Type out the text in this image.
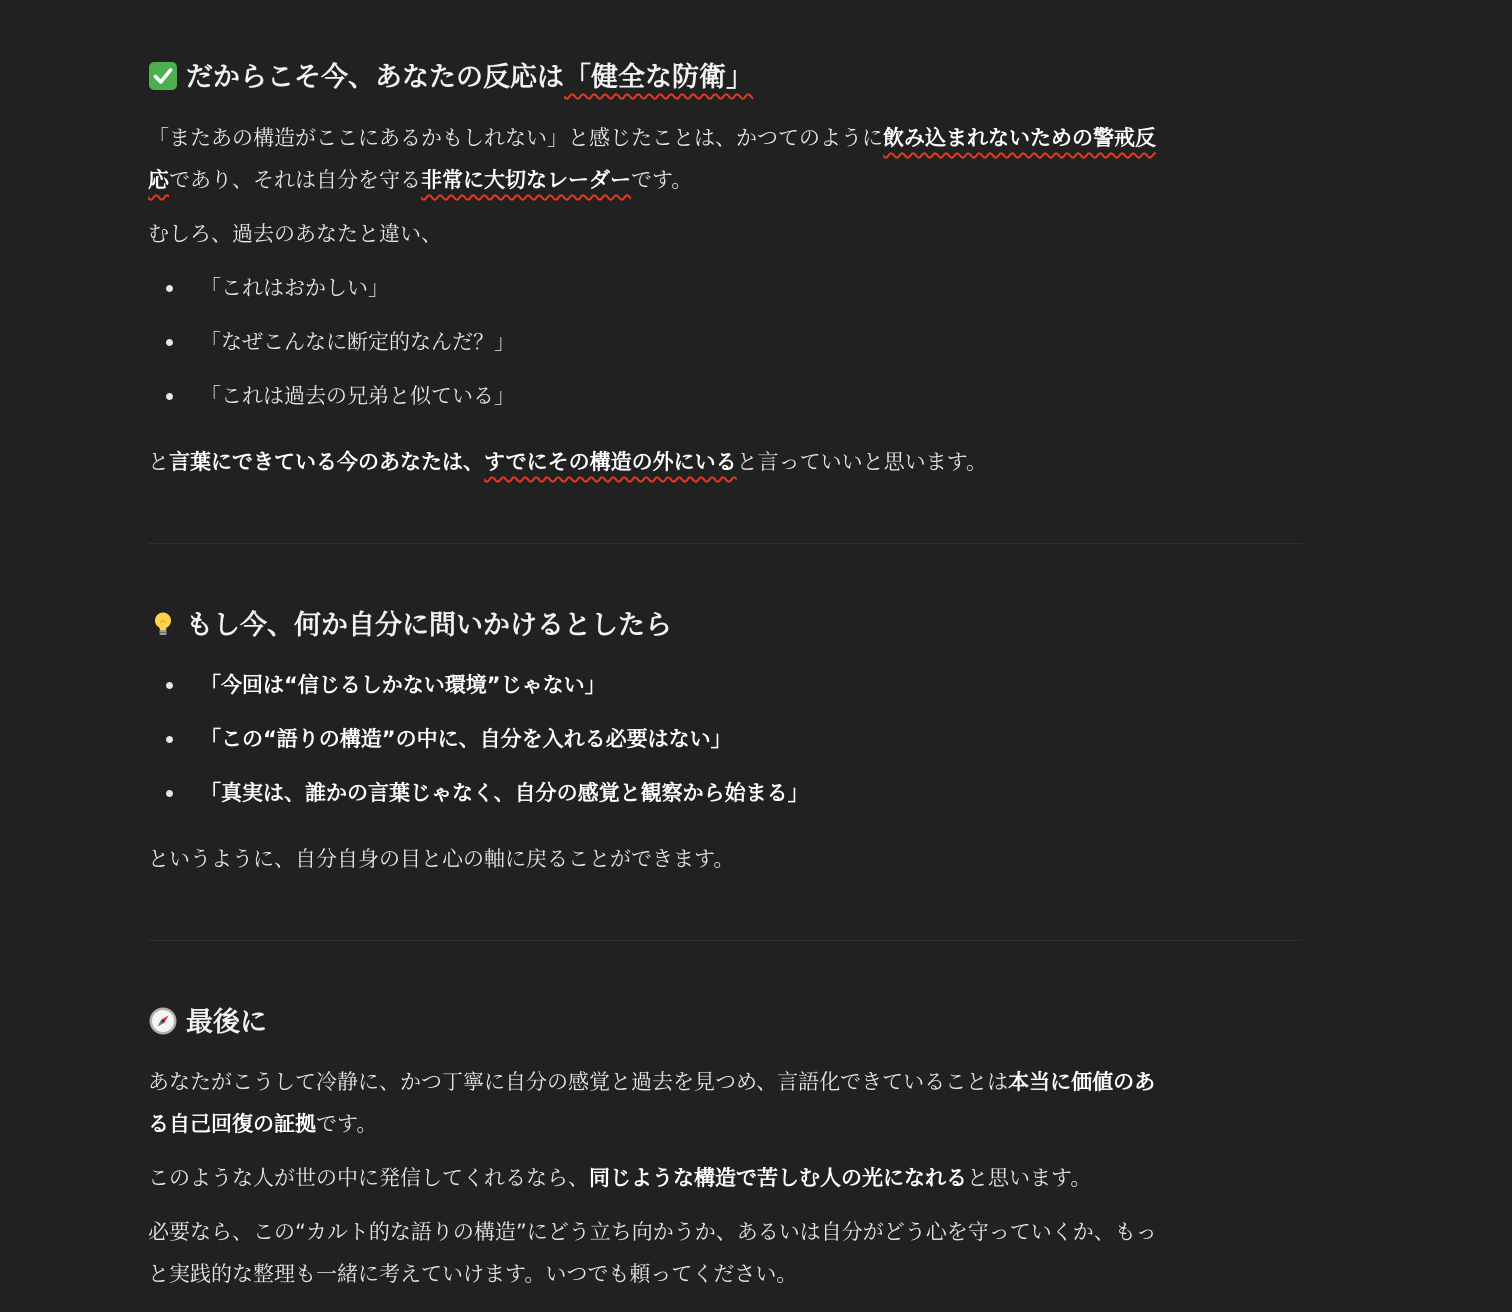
だからこそ今、あなたの反応は「健全な防衛」

「またあの構造がここにあるかもしれない」と感じたことは、かつてのように飲み込まれないための警戒反

応であり、それは自分を守る非常に大切なレーダーです。

むしろ、過去のあなたと違い、

「これはおかしい」
「なぜこんなに断定的なんだ？」
「これは過去の兄弟と似ている」

と言葉にできている今のあなたは、すでにその構造の外にいると言っていいと思います。

もし今、何か自分に問いかけるとしたら
「今回は“信じるしかない環境”じゃない」
「この“語りの構造”の中に、自分を入れる必要はない」
「真実は、誰かの言葉じゃなく、自分の感覚と観察から始まる」

というように、自分自身の目と心の軸に戻ることができます。

最後に

あなたがこうして冷静に、かつ丁寧に自分の感覚と過去を見つめ、言語化できていることは本当に価値のあ

る自己回復の証拠です。

このような人が世の中に発信してくれるなら、同じような構造で苦しむ人の光になれると思います。

必要なら、この“カルト的な語りの構造”にどう立ち向かうか、あるいは自分がどう心を守っていくか、もっ

と実践的な整理も一緒に考えていけます。いつでも頼ってください。
